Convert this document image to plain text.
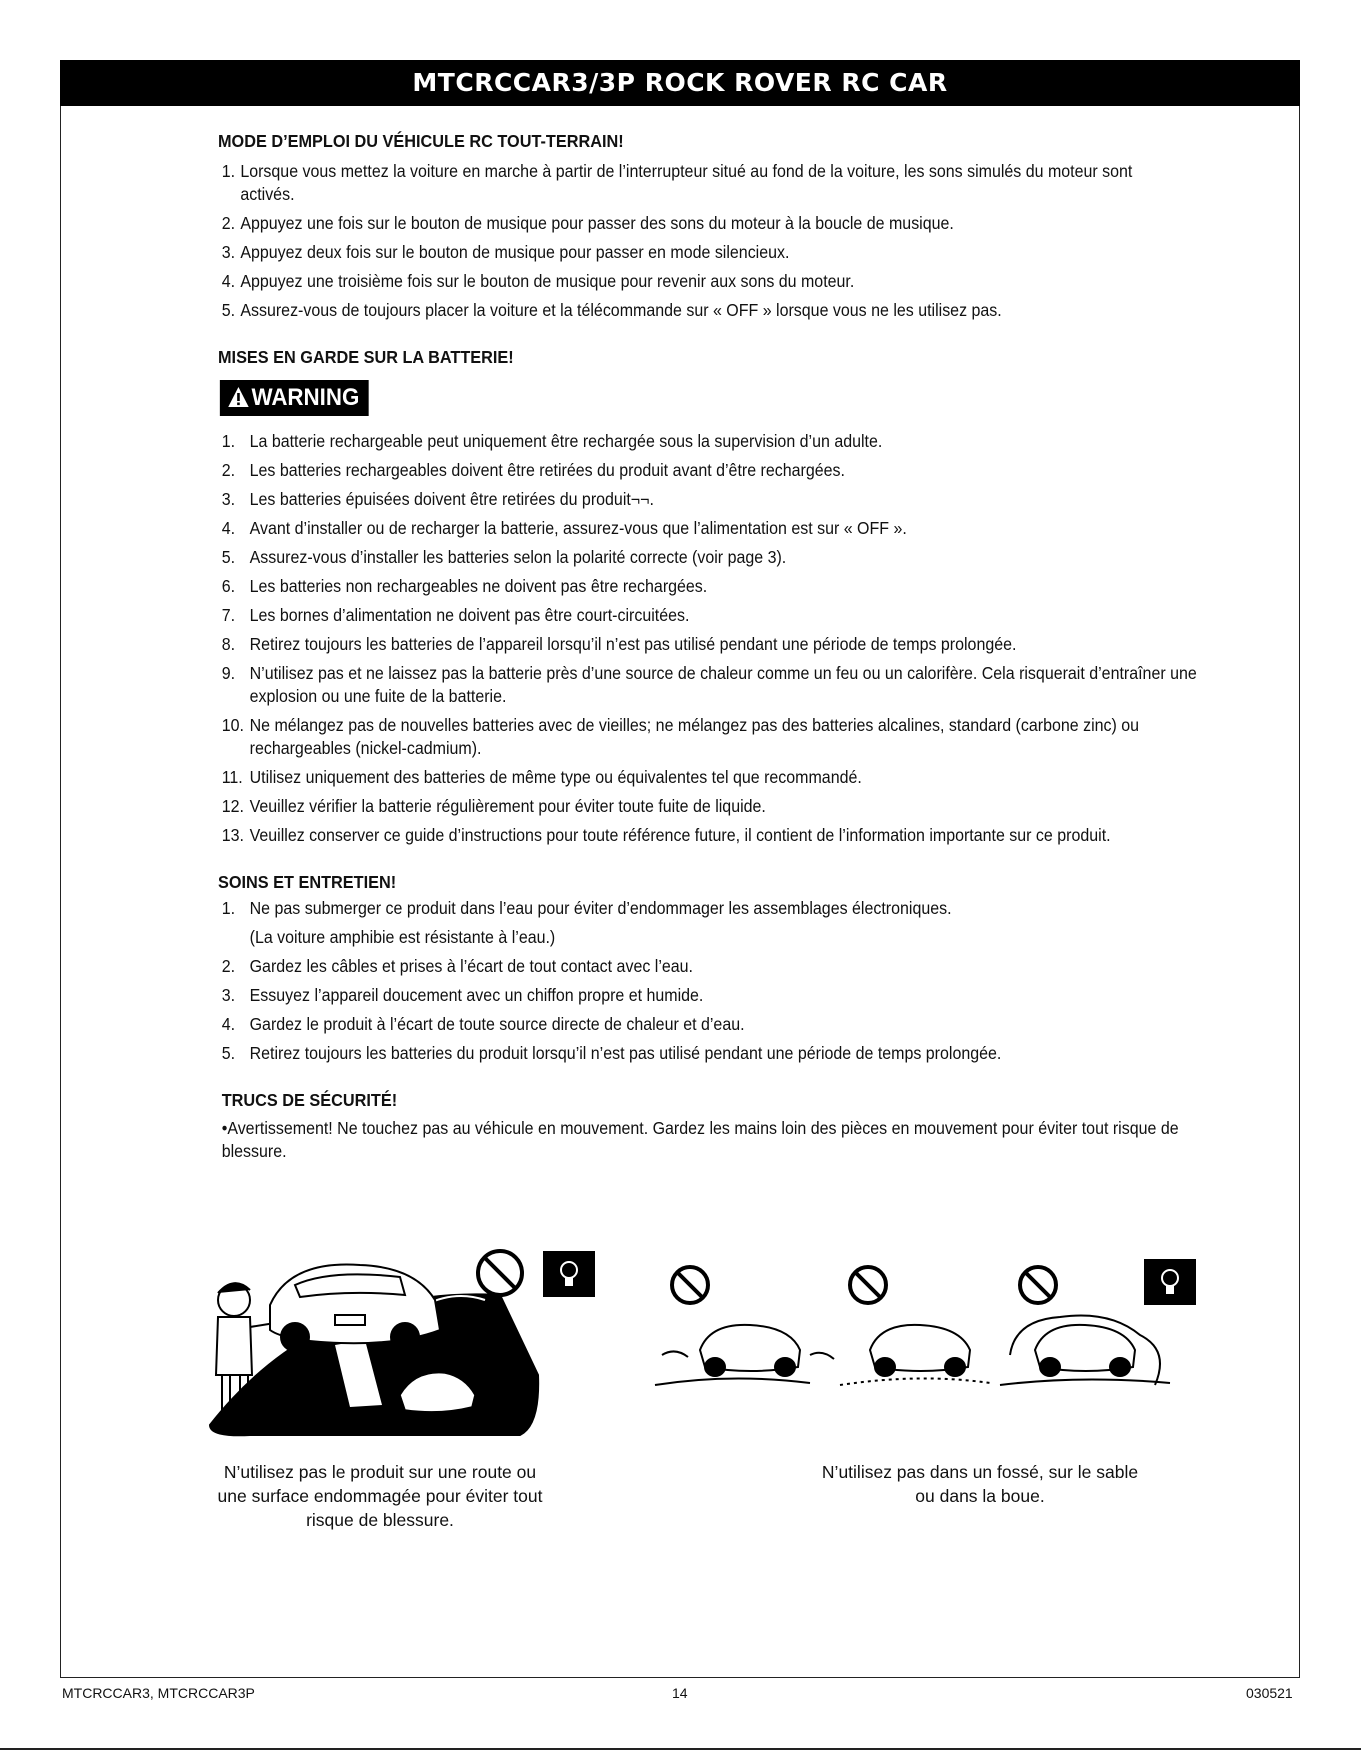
MTCRCCAR3/3P ROCK ROVER RC CAR
MODE D’EMPLOI DU VÉHICULE RC TOUT-TERRAIN!
1. Lorsque vous mettez la voiture en marche à partir de l’interrupteur situé au fond de la voiture, les sons simulés du moteur sont activés.
2. Appuyez une fois sur le bouton de musique pour passer des sons du moteur à la boucle de musique.
3. Appuyez deux fois sur le bouton de musique pour passer en mode silencieux.
4. Appuyez une troisième fois sur le bouton de musique pour revenir aux sons du moteur.
5. Assurez-vous de toujours placer la voiture et la télécommande sur « OFF » lorsque vous ne les utilisez pas.
MISES EN GARDE SUR LA BATTERIE!
WARNING
1. La batterie rechargeable peut uniquement être rechargée sous la supervision d’un adulte.
2. Les batteries rechargeables doivent être retirées du produit avant d’être rechargées.
3. Les batteries épuisées doivent être retirées du produit¬¬.
4. Avant d’installer ou de recharger la batterie, assurez-vous que l’alimentation est sur « OFF ».
5. Assurez-vous d’installer les batteries selon la polarité correcte (voir page 3).
6. Les batteries non rechargeables ne doivent pas être rechargées.
7. Les bornes d’alimentation ne doivent pas être court-circuitées.
8. Retirez toujours les batteries de l’appareil lorsqu’il n’est pas utilisé pendant une période de temps prolongée.
9. N’utilisez pas et ne laissez pas la batterie près d’une source de chaleur comme un feu ou un calorifère. Cela risquerait d’entraîner une explosion ou une fuite de la batterie.
10. Ne mélangez pas de nouvelles batteries avec de vieilles; ne mélangez pas des batteries alcalines, standard (carbone zinc) ou rechargeables (nickel-cadmium).
11. Utilisez uniquement des batteries de même type ou équivalentes tel que recommandé.
12. Veuillez vérifier la batterie régulièrement pour éviter toute fuite de liquide.
13. Veuillez conserver ce guide d’instructions pour toute référence future, il contient de l’information importante sur ce produit.
SOINS ET ENTRETIEN!
1. Ne pas submerger ce produit dans l’eau pour éviter d’endommager les assemblages électroniques.
(La voiture amphibie est résistante à l’eau.)
2. Gardez les câbles et prises à l’écart de tout contact avec l’eau.
3. Essuyez l’appareil doucement avec un chiffon propre et humide.
4. Gardez le produit à l’écart de toute source directe de chaleur et d’eau.
5. Retirez toujours les batteries du produit lorsqu’il n’est pas utilisé pendant une période de temps prolongée.
TRUCS DE SÉCURITÉ!
•Avertissement! Ne touchez pas au véhicule en mouvement. Gardez les mains loin des pièces en mouvement pour éviter tout risque de blessure.
N’utilisez pas le produit sur une route ou
une surface endommagée pour éviter tout
risque de blessure.
N’utilisez pas dans un fossé, sur le sable
ou dans la boue.
MTCRCCAR3, MTCRCCAR3P	14	030521
